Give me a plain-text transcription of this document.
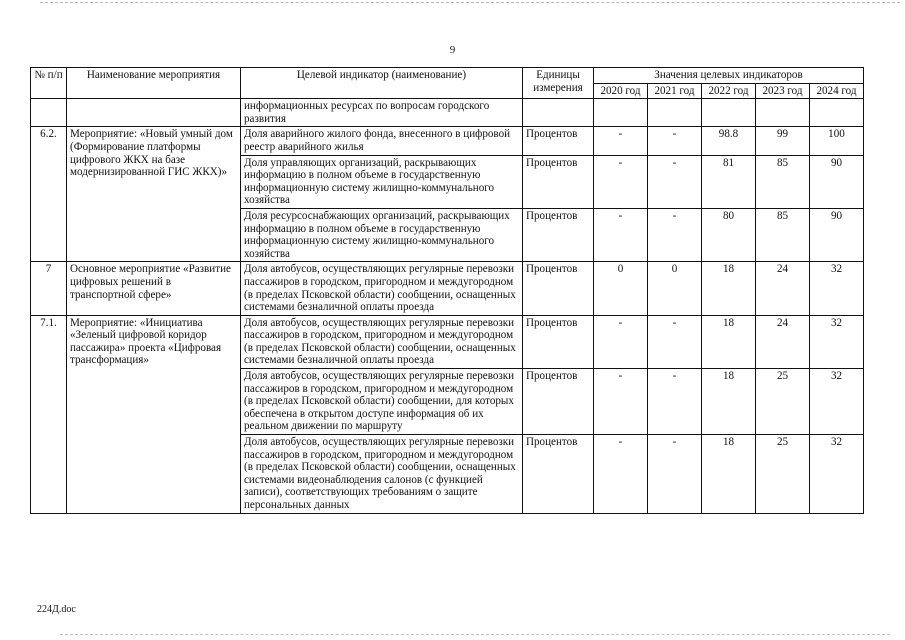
9
№ п/п	Наименование мероприятия	Целевой индикатор (наименование)	Единицы измерения	Значения целевых индикаторов				
				2020 год	2021 год	2022 год	2023 год	2024 год
		информационных ресурсах по вопросам городского развития						
6.2.	Мероприятие: «Новый умный дом (Формирование платформы цифрового ЖКХ на базе модернизированной ГИС ЖКХ)»	Доля аварийного жилого фонда, внесенного в цифровой реестр аварийного жилья	Процентов	-	-	98.8	99	100
		Доля управляющих организаций, раскрывающих информацию в полном объеме в государственную информационную систему жилищно-коммунального хозяйства	Процентов	-	-	81	85	90
		Доля ресурсоснабжающих организаций, раскрывающих информацию в полном объеме в государственную информационную систему жилищно-коммунального хозяйства	Процентов	-	-	80	85	90
7	Основное мероприятие «Развитие цифровых решений в транспортной сфере»	Доля автобусов, осуществляющих регулярные перевозки пассажиров в городском, пригородном и междугородном (в пределах Псковской области) сообщении, оснащенных системами безналичной оплаты проезда	Процентов	0	0	18	24	32
7.1.	Мероприятие: «Инициатива «Зеленый цифровой коридор пассажира» проекта «Цифровая трансформация»	Доля автобусов, осуществляющих регулярные перевозки пассажиров в городском, пригородном и междугородном (в пределах Псковской области) сообщении, оснащенных системами безналичной оплаты проезда	Процентов	-	-	18	24	32
		Доля автобусов, осуществляющих регулярные перевозки пассажиров в городском, пригородном и междугородном (в пределах Псковской области) сообщении, для которых обеспечена в открытом доступе информация об их реальном движении по маршруту	Процентов	-	-	18	25	32
		Доля автобусов, осуществляющих регулярные перевозки пассажиров в городском, пригородном и междугородном (в пределах Псковской области) сообщении, оснащенных системами видеонаблюдения салонов (с функцией записи), соответствующих требованиям о защите персональных данных	Процентов	-	-	18	25	32
224Д.doc
